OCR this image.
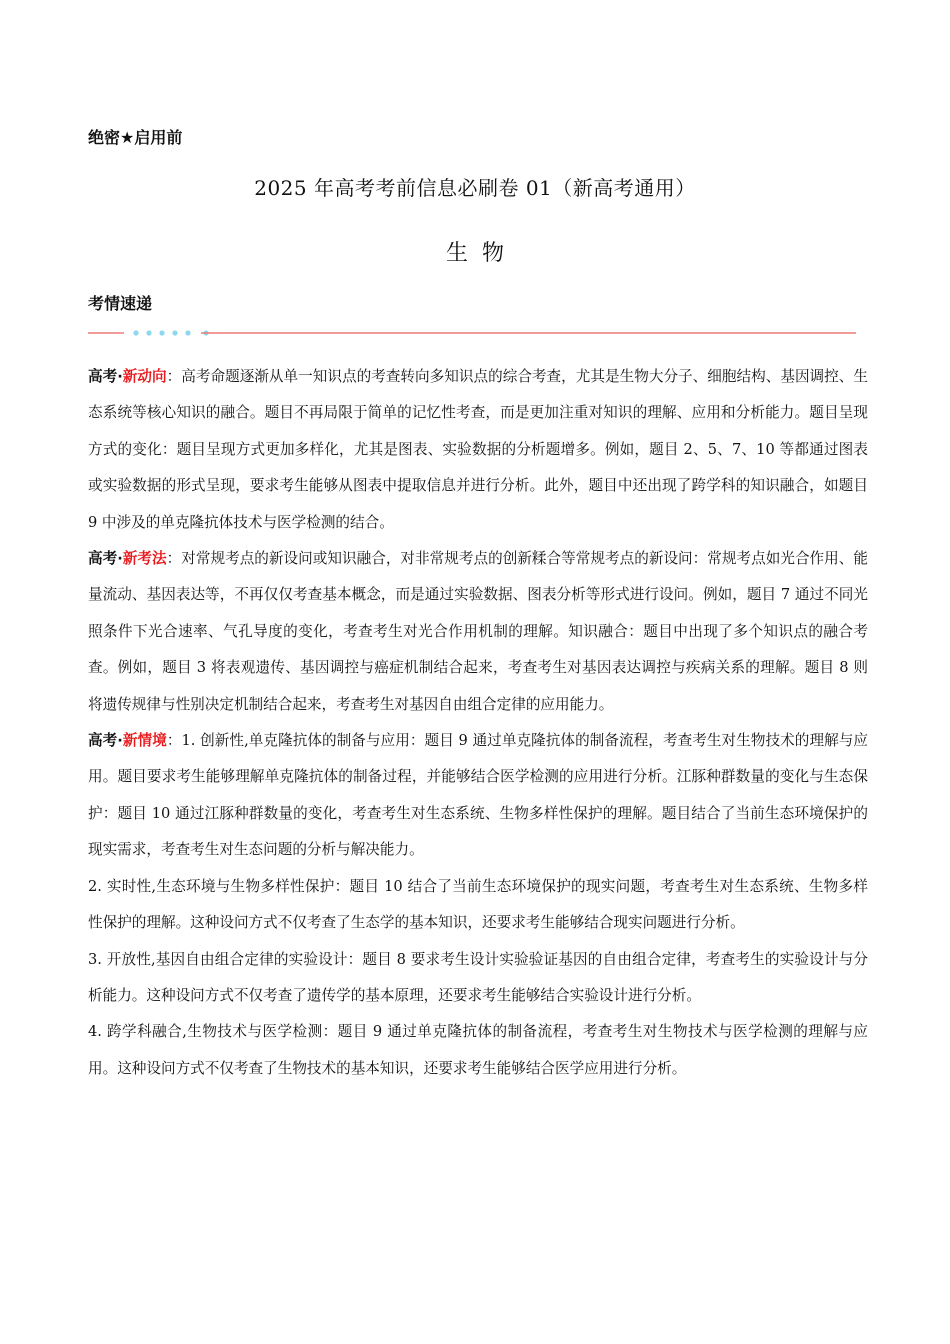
绝密★启用前
2025 年高考考前信息必刷卷 01（新高考通用）
生物
考情速递

高考·新动向：高考命题逐渐从单一知识点的考查转向多知识点的综合考查，尤其是生物大分子、细胞结构、基因调控、生态系统等核心知识的融合。题目不再局限于简单的记忆性考查，而是更加注重对知识的理解、应用和分析能力。题目呈现方式的变化：题目呈现方式更加多样化，尤其是图表、实验数据的分析题增多。例如，题目 2、5、7、10 等都通过图表或实验数据的形式呈现，要求考生能够从图表中提取信息并进行分析。此外，题目中还出现了跨学科的知识融合，如题目 9 中涉及的单克隆抗体技术与医学检测的结合。

高考·新考法：对常规考点的新设问或知识融合，对非常规考点的创新糅合等常规考点的新设问：常规考点如光合作用、能量流动、基因表达等，不再仅仅考查基本概念，而是通过实验数据、图表分析等形式进行设问。例如，题目 7 通过不同光照条件下光合速率、气孔导度的变化，考查考生对光合作用机制的理解。知识融合：题目中出现了多个知识点的融合考查。例如，题目 3 将表观遗传、基因调控与癌症机制结合起来，考查考生对基因表达调控与疾病关系的理解。题目 8 则将遗传规律与性别决定机制结合起来，考查考生对基因自由组合定律的应用能力。

高考·新情境：1. 创新性,单克隆抗体的制备与应用：题目 9 通过单克隆抗体的制备流程，考查考生对生物技术的理解与应用。题目要求考生能够理解单克隆抗体的制备过程，并能够结合医学检测的应用进行分析。江豚种群数量的变化与生态保护：题目 10 通过江豚种群数量的变化，考查考生对生态系统、生物多样性保护的理解。题目结合了当前生态环境保护的现实需求，考查考生对生态问题的分析与解决能力。

2. 实时性,生态环境与生物多样性保护：题目 10 结合了当前生态环境保护的现实问题，考查考生对生态系统、生物多样性保护的理解。这种设问方式不仅考查了生态学的基本知识，还要求考生能够结合现实问题进行分析。

3. 开放性,基因自由组合定律的实验设计：题目 8 要求考生设计实验验证基因的自由组合定律，考查考生的实验设计与分析能力。这种设问方式不仅考查了遗传学的基本原理，还要求考生能够结合实验设计进行分析。

4. 跨学科融合,生物技术与医学检测：题目 9 通过单克隆抗体的制备流程，考查考生对生物技术与医学检测的理解与应用。这种设问方式不仅考查了生物技术的基本知识，还要求考生能够结合医学应用进行分析。
